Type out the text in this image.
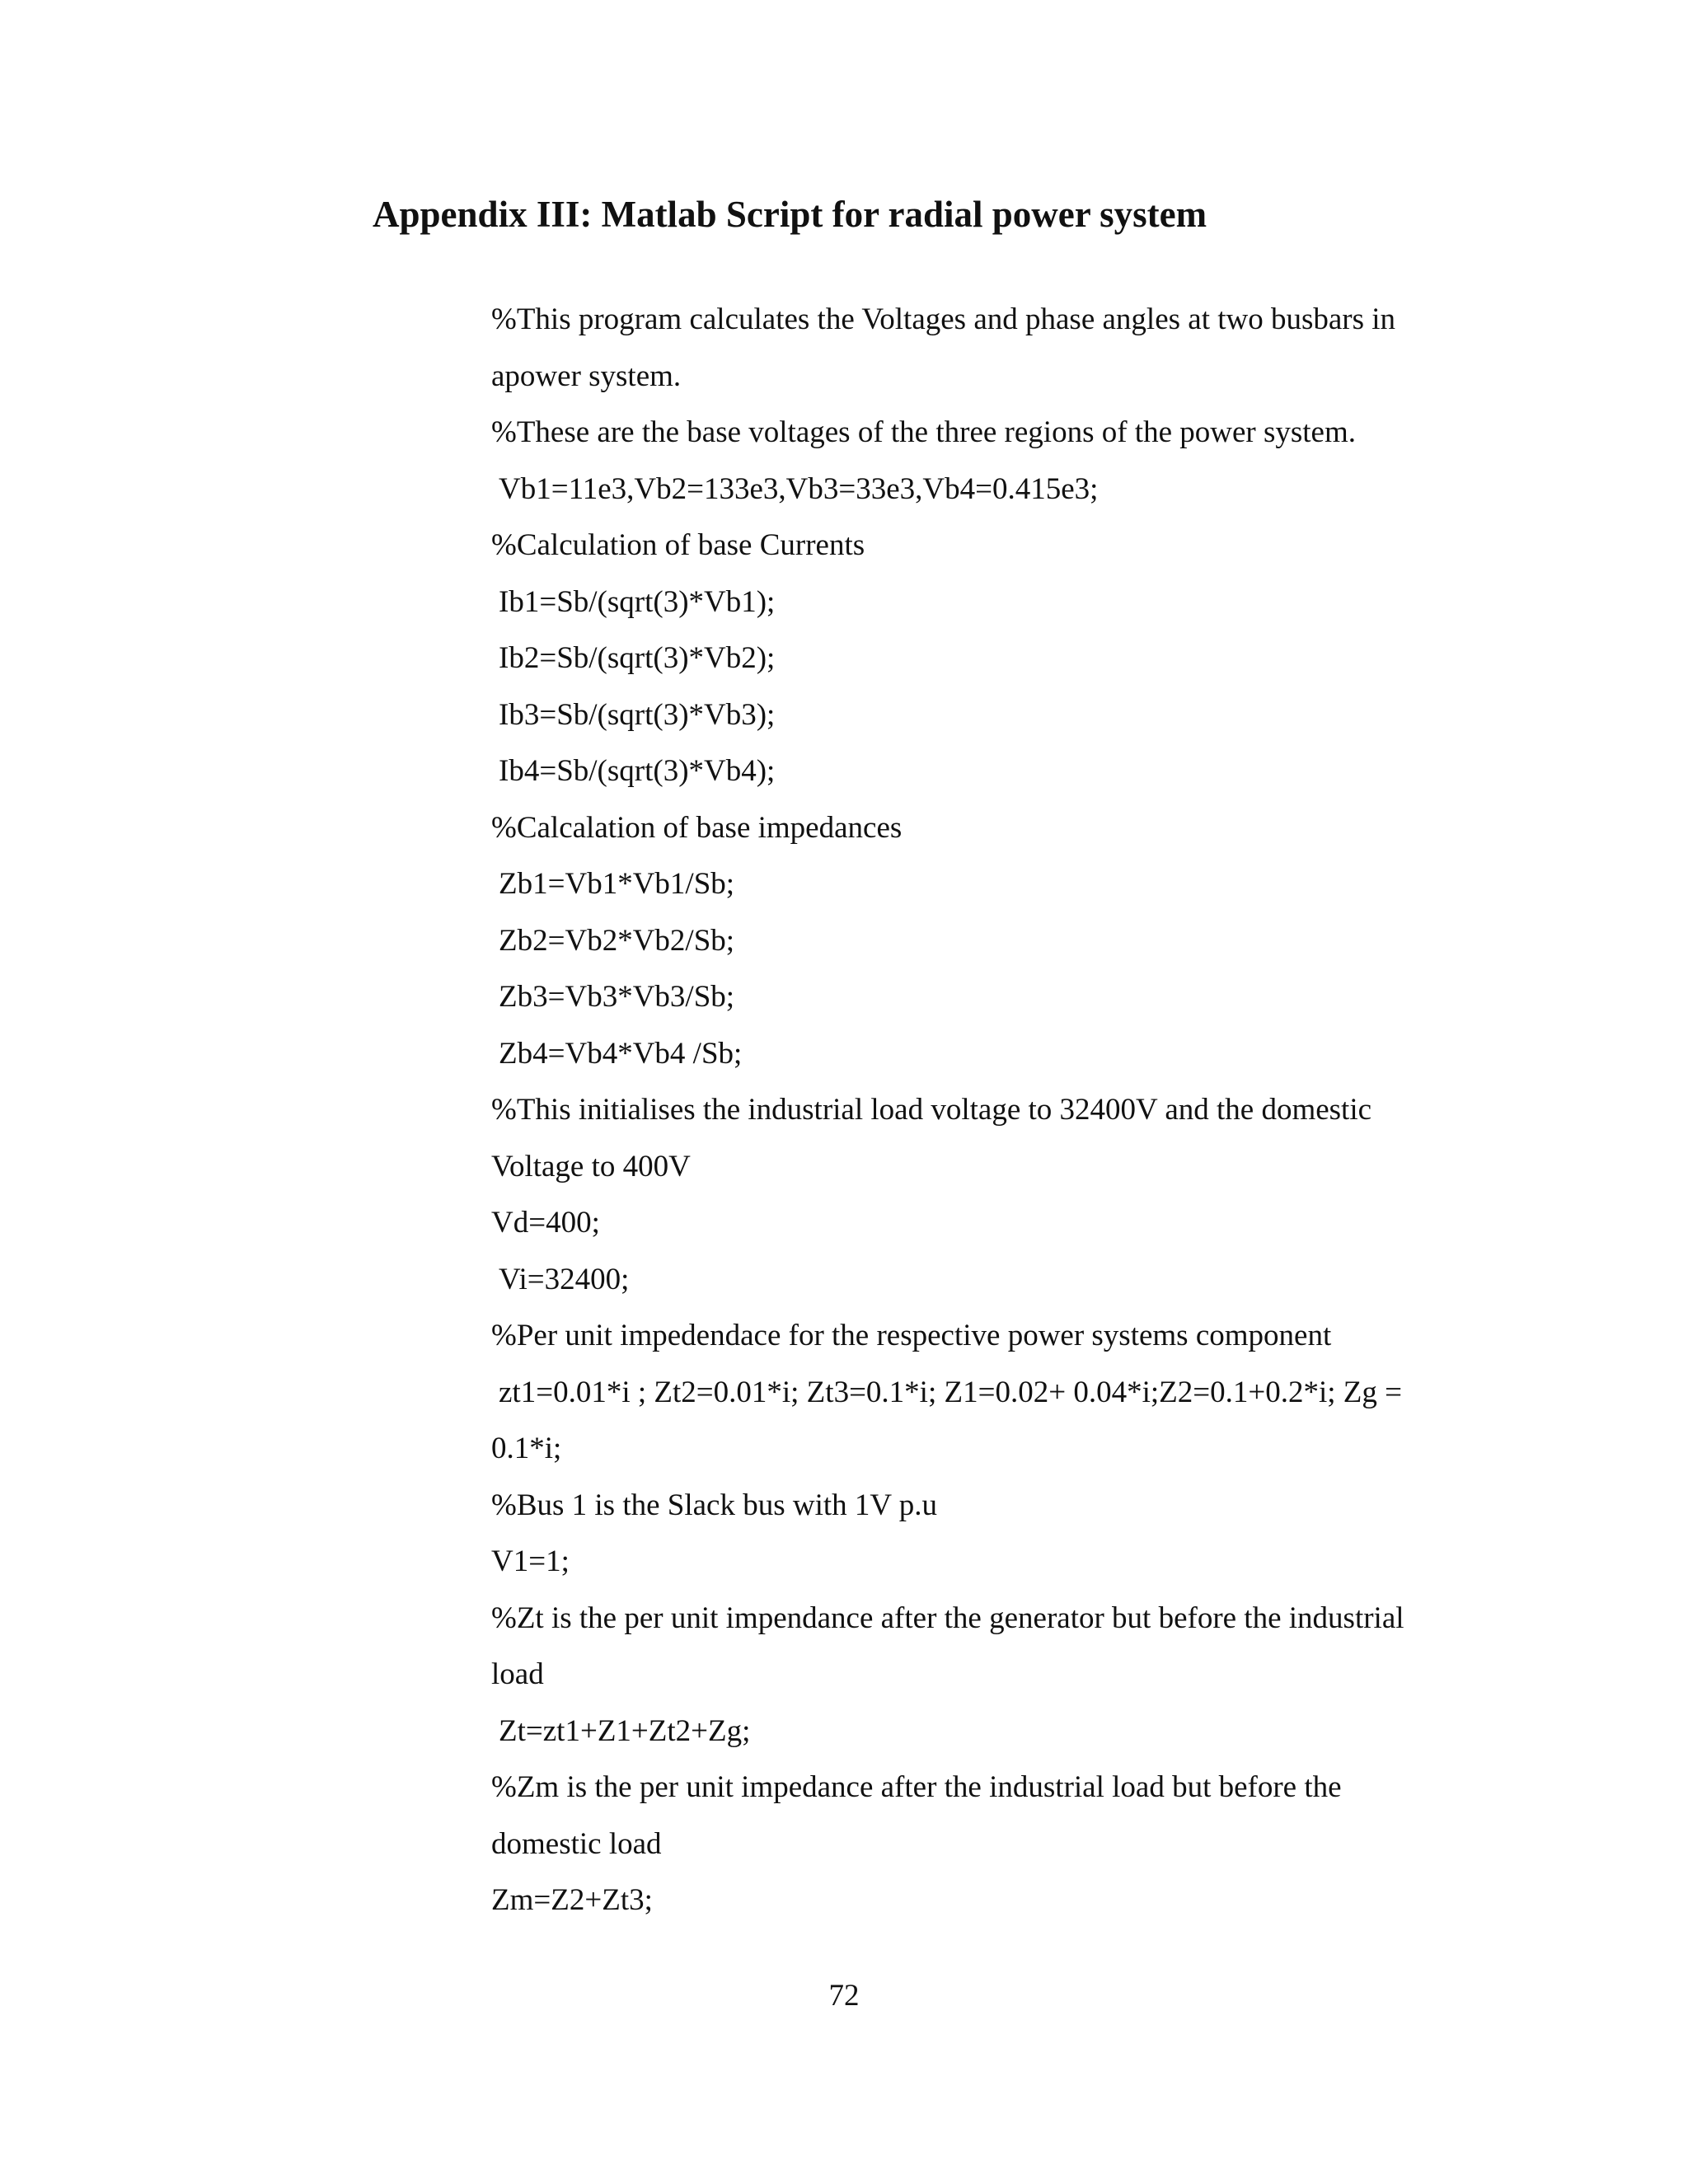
Appendix III: Matlab Script for radial power system
%This program calculates the Voltages and phase angles at two busbars in
apower system.
%These are the base voltages of the three regions of the power system.
Vb1=11e3,Vb2=133e3,Vb3=33e3,Vb4=0.415e3;
%Calculation of base Currents
Ib1=Sb/(sqrt(3)*Vb1);
Ib2=Sb/(sqrt(3)*Vb2);
Ib3=Sb/(sqrt(3)*Vb3);
Ib4=Sb/(sqrt(3)*Vb4);
%Calcalation of base impedances
Zb1=Vb1*Vb1/Sb;
Zb2=Vb2*Vb2/Sb;
Zb3=Vb3*Vb3/Sb;
Zb4=Vb4*Vb4 /Sb;
%This initialises the industrial load voltage to 32400V and the domestic
Voltage to 400V
Vd=400;
Vi=32400;
%Per unit impedendace for the respective power systems component
zt1=0.01*i ; Zt2=0.01*i; Zt3=0.1*i; Z1=0.02+ 0.04*i;Z2=0.1+0.2*i; Zg =
0.1*i;
%Bus 1 is the Slack bus with 1V p.u
V1=1;
%Zt is the per unit impendance after the generator but before the industrial
load
Zt=zt1+Z1+Zt2+Zg;
%Zm is the per unit impedance after the industrial load but before the
domestic load
Zm=Z2+Zt3;
72
